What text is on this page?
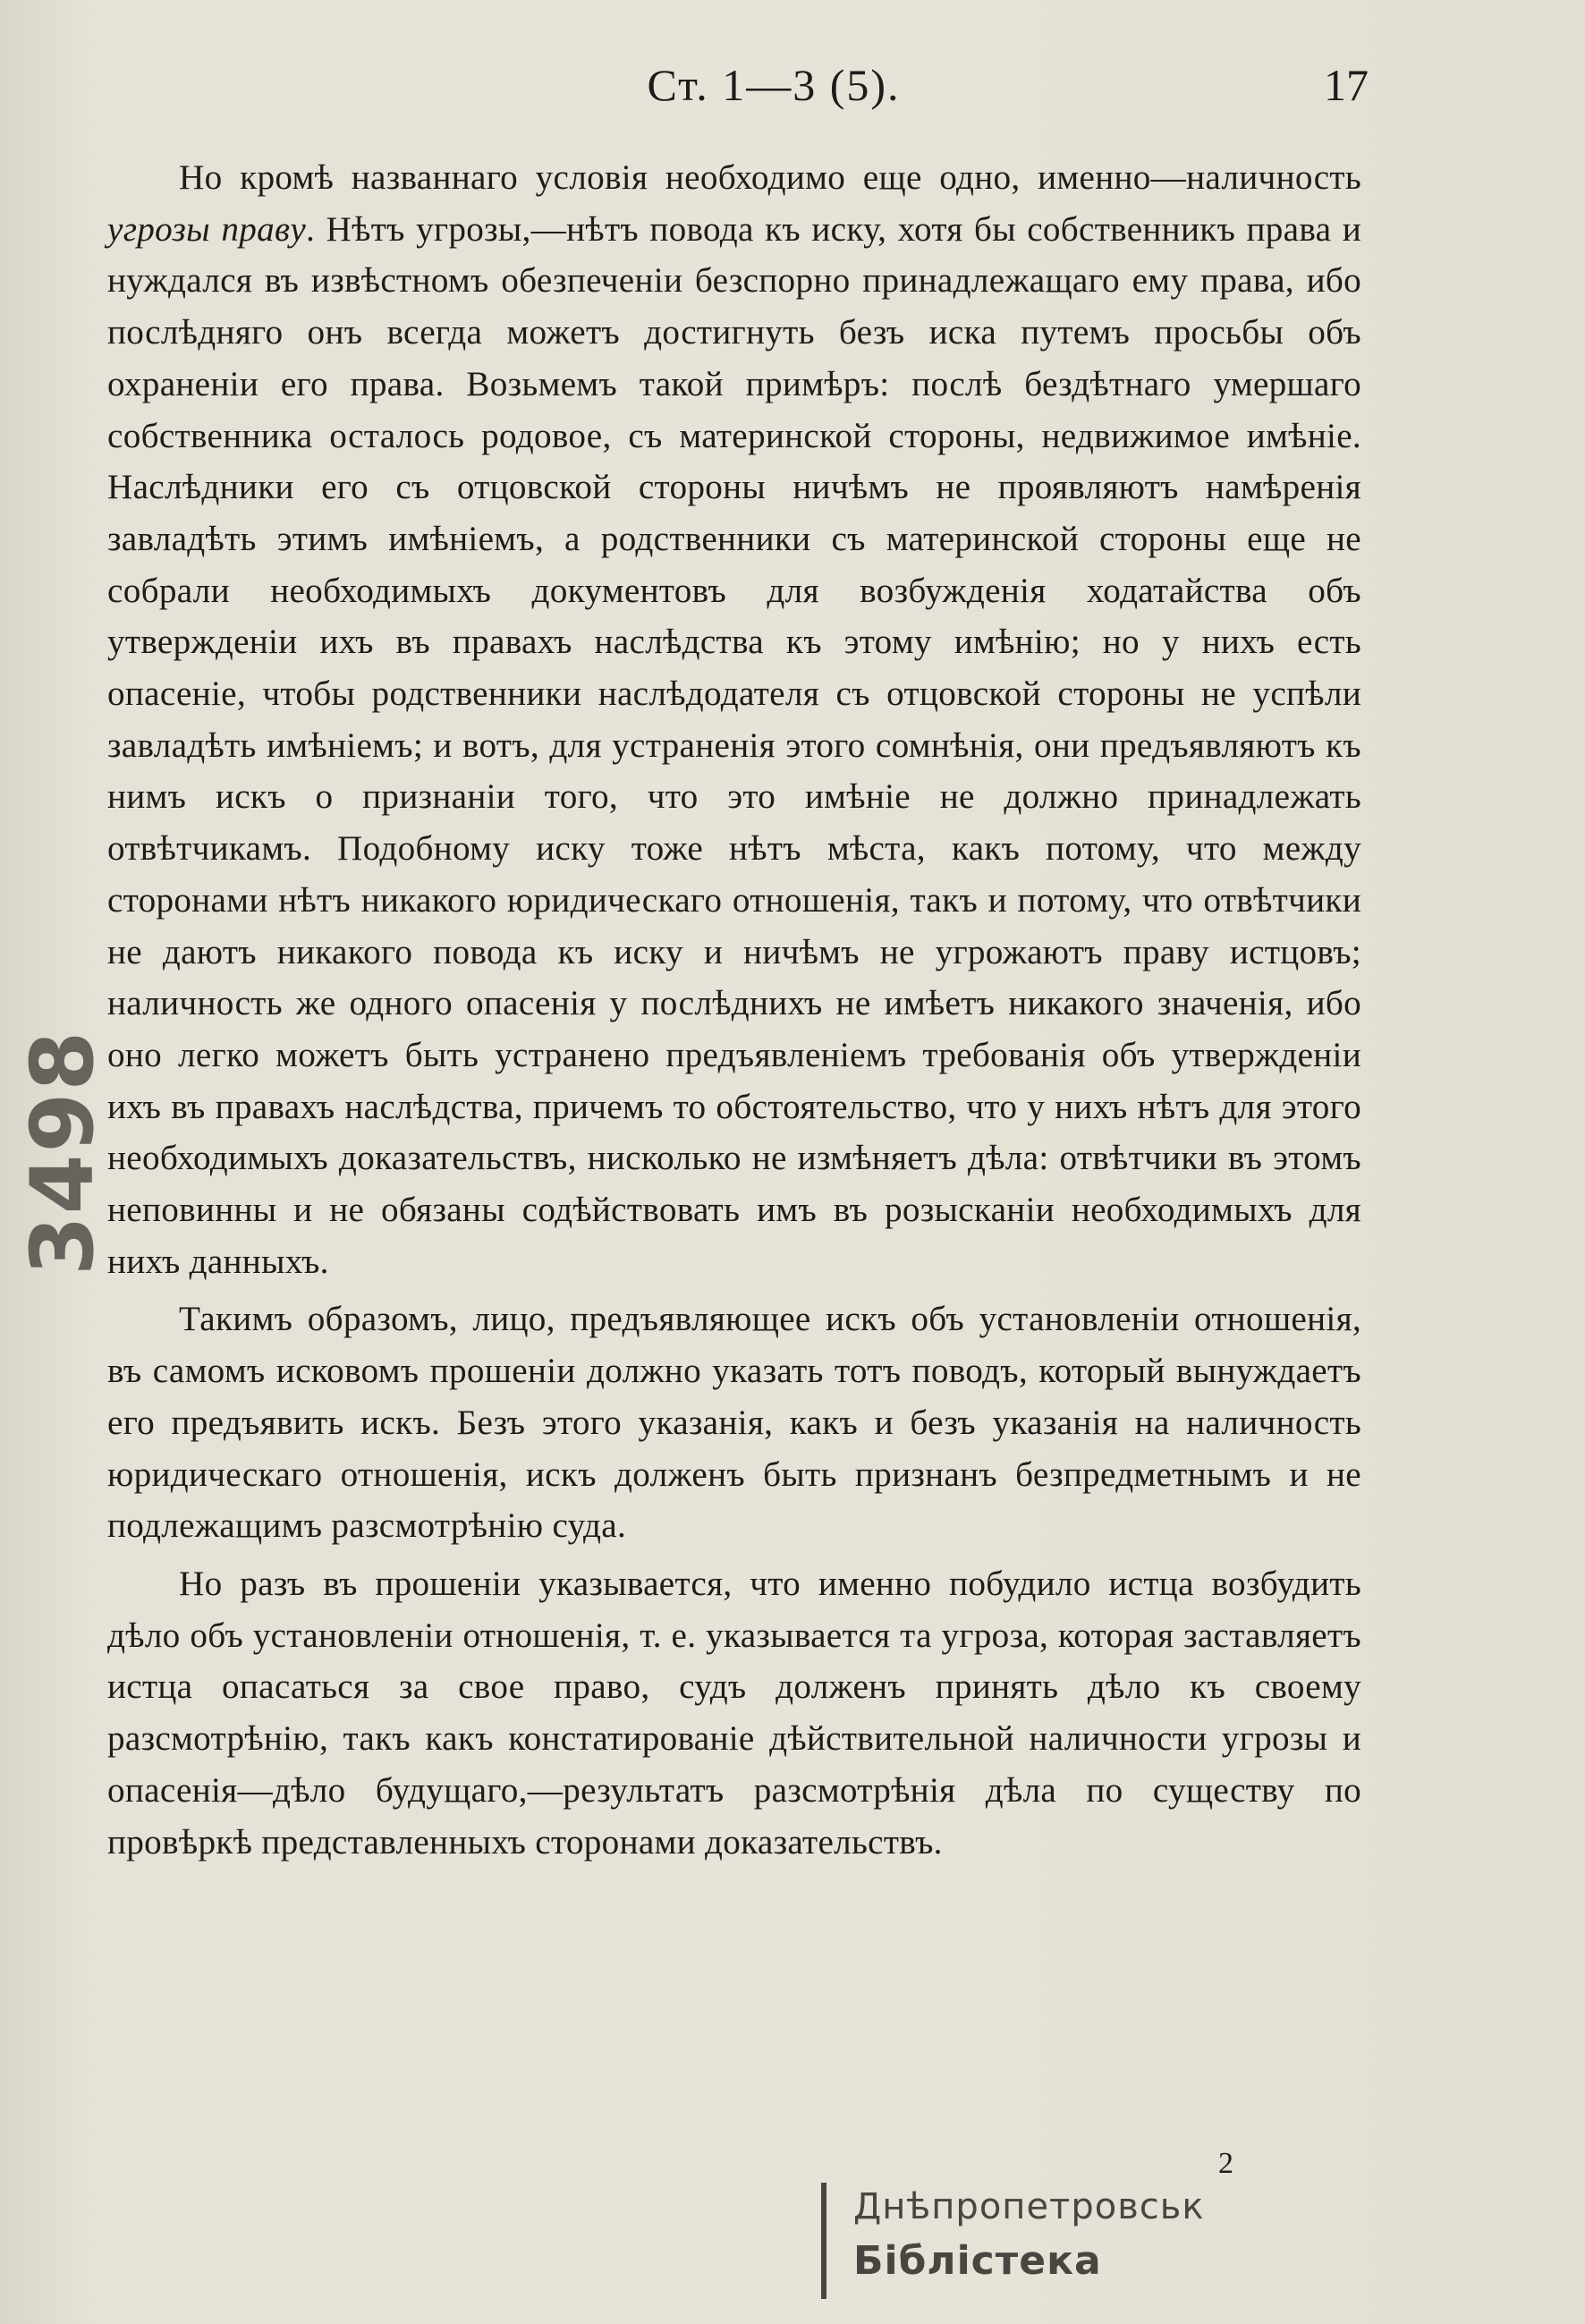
Ст. 1—3 (5).	17

Но кромѣ названнаго условія необходимо еще одно, именно—наличность угрозы праву. Нѣтъ угрозы,—нѣтъ повода къ иску, хотя бы собственникъ права и нуждался въ извѣстномъ обезпеченіи безспорно принадлежащаго ему права, ибо послѣдняго онъ всегда можетъ достигнуть безъ иска путемъ просьбы объ охраненіи его права. Возьмемъ такой примѣръ: послѣ бездѣтнаго умершаго собственника осталось родовое, съ материнской стороны, недвижимое имѣніе. Наслѣдники его съ отцовской стороны ничѣмъ не проявляютъ намѣренія завладѣть этимъ имѣніемъ, а родственники съ материнской стороны еще не собрали необходимыхъ документовъ для возбужденія ходатайства объ утвержденіи ихъ въ правахъ наслѣдства къ этому имѣнію; но у нихъ есть опасеніе, чтобы родственники наслѣдодателя съ отцовской стороны не успѣли завладѣть имѣніемъ; и вотъ, для устраненія этого сомнѣнія, они предъявляютъ къ нимъ искъ о признаніи того, что это имѣніе не должно принадлежать отвѣтчикамъ. Подобному иску тоже нѣтъ мѣста, какъ потому, что между сторонами нѣтъ никакого юридическаго отношенія, такъ и потому, что отвѣтчики не даютъ никакого повода къ иску и ничѣмъ не угрожаютъ праву истцовъ; наличность же одного опасенія у послѣднихъ не имѣетъ никакого значенія, ибо оно легко можетъ быть устранено предъявленіемъ требованія объ утвержденіи ихъ въ правахъ наслѣдства, причемъ то обстоятельство, что у нихъ нѣтъ для этого необходимыхъ доказательствъ, нисколько не измѣняетъ дѣла: отвѣтчики въ этомъ неповинны и не обязаны содѣйствовать имъ въ розысканіи необходимыхъ для нихъ данныхъ.

Такимъ образомъ, лицо, предъявляющее искъ объ установленіи отношенія, въ самомъ исковомъ прошеніи должно указать тотъ поводъ, который вынуждаетъ его предъявить искъ. Безъ этого указанія, какъ и безъ указанія на наличность юридическаго отношенія, искъ долженъ быть признанъ безпредметнымъ и не подлежащимъ разсмотрѣнію суда.

Но разъ въ прошеніи указывается, что именно побудило истца возбудить дѣло объ установленіи отношенія, т. е. указывается та угроза, которая заставляетъ истца опасаться за свое право, судъ долженъ принять дѣло къ своему разсмотрѣнію, такъ какъ констатированіе дѣйствительной наличности угрозы и опасенія—дѣло будущаго,—результатъ разсмотрѣнія дѣла по существу по провѣркѣ представленныхъ сторонами доказательствъ.

3498
2
Днѣпропетровськ
Біблістека
